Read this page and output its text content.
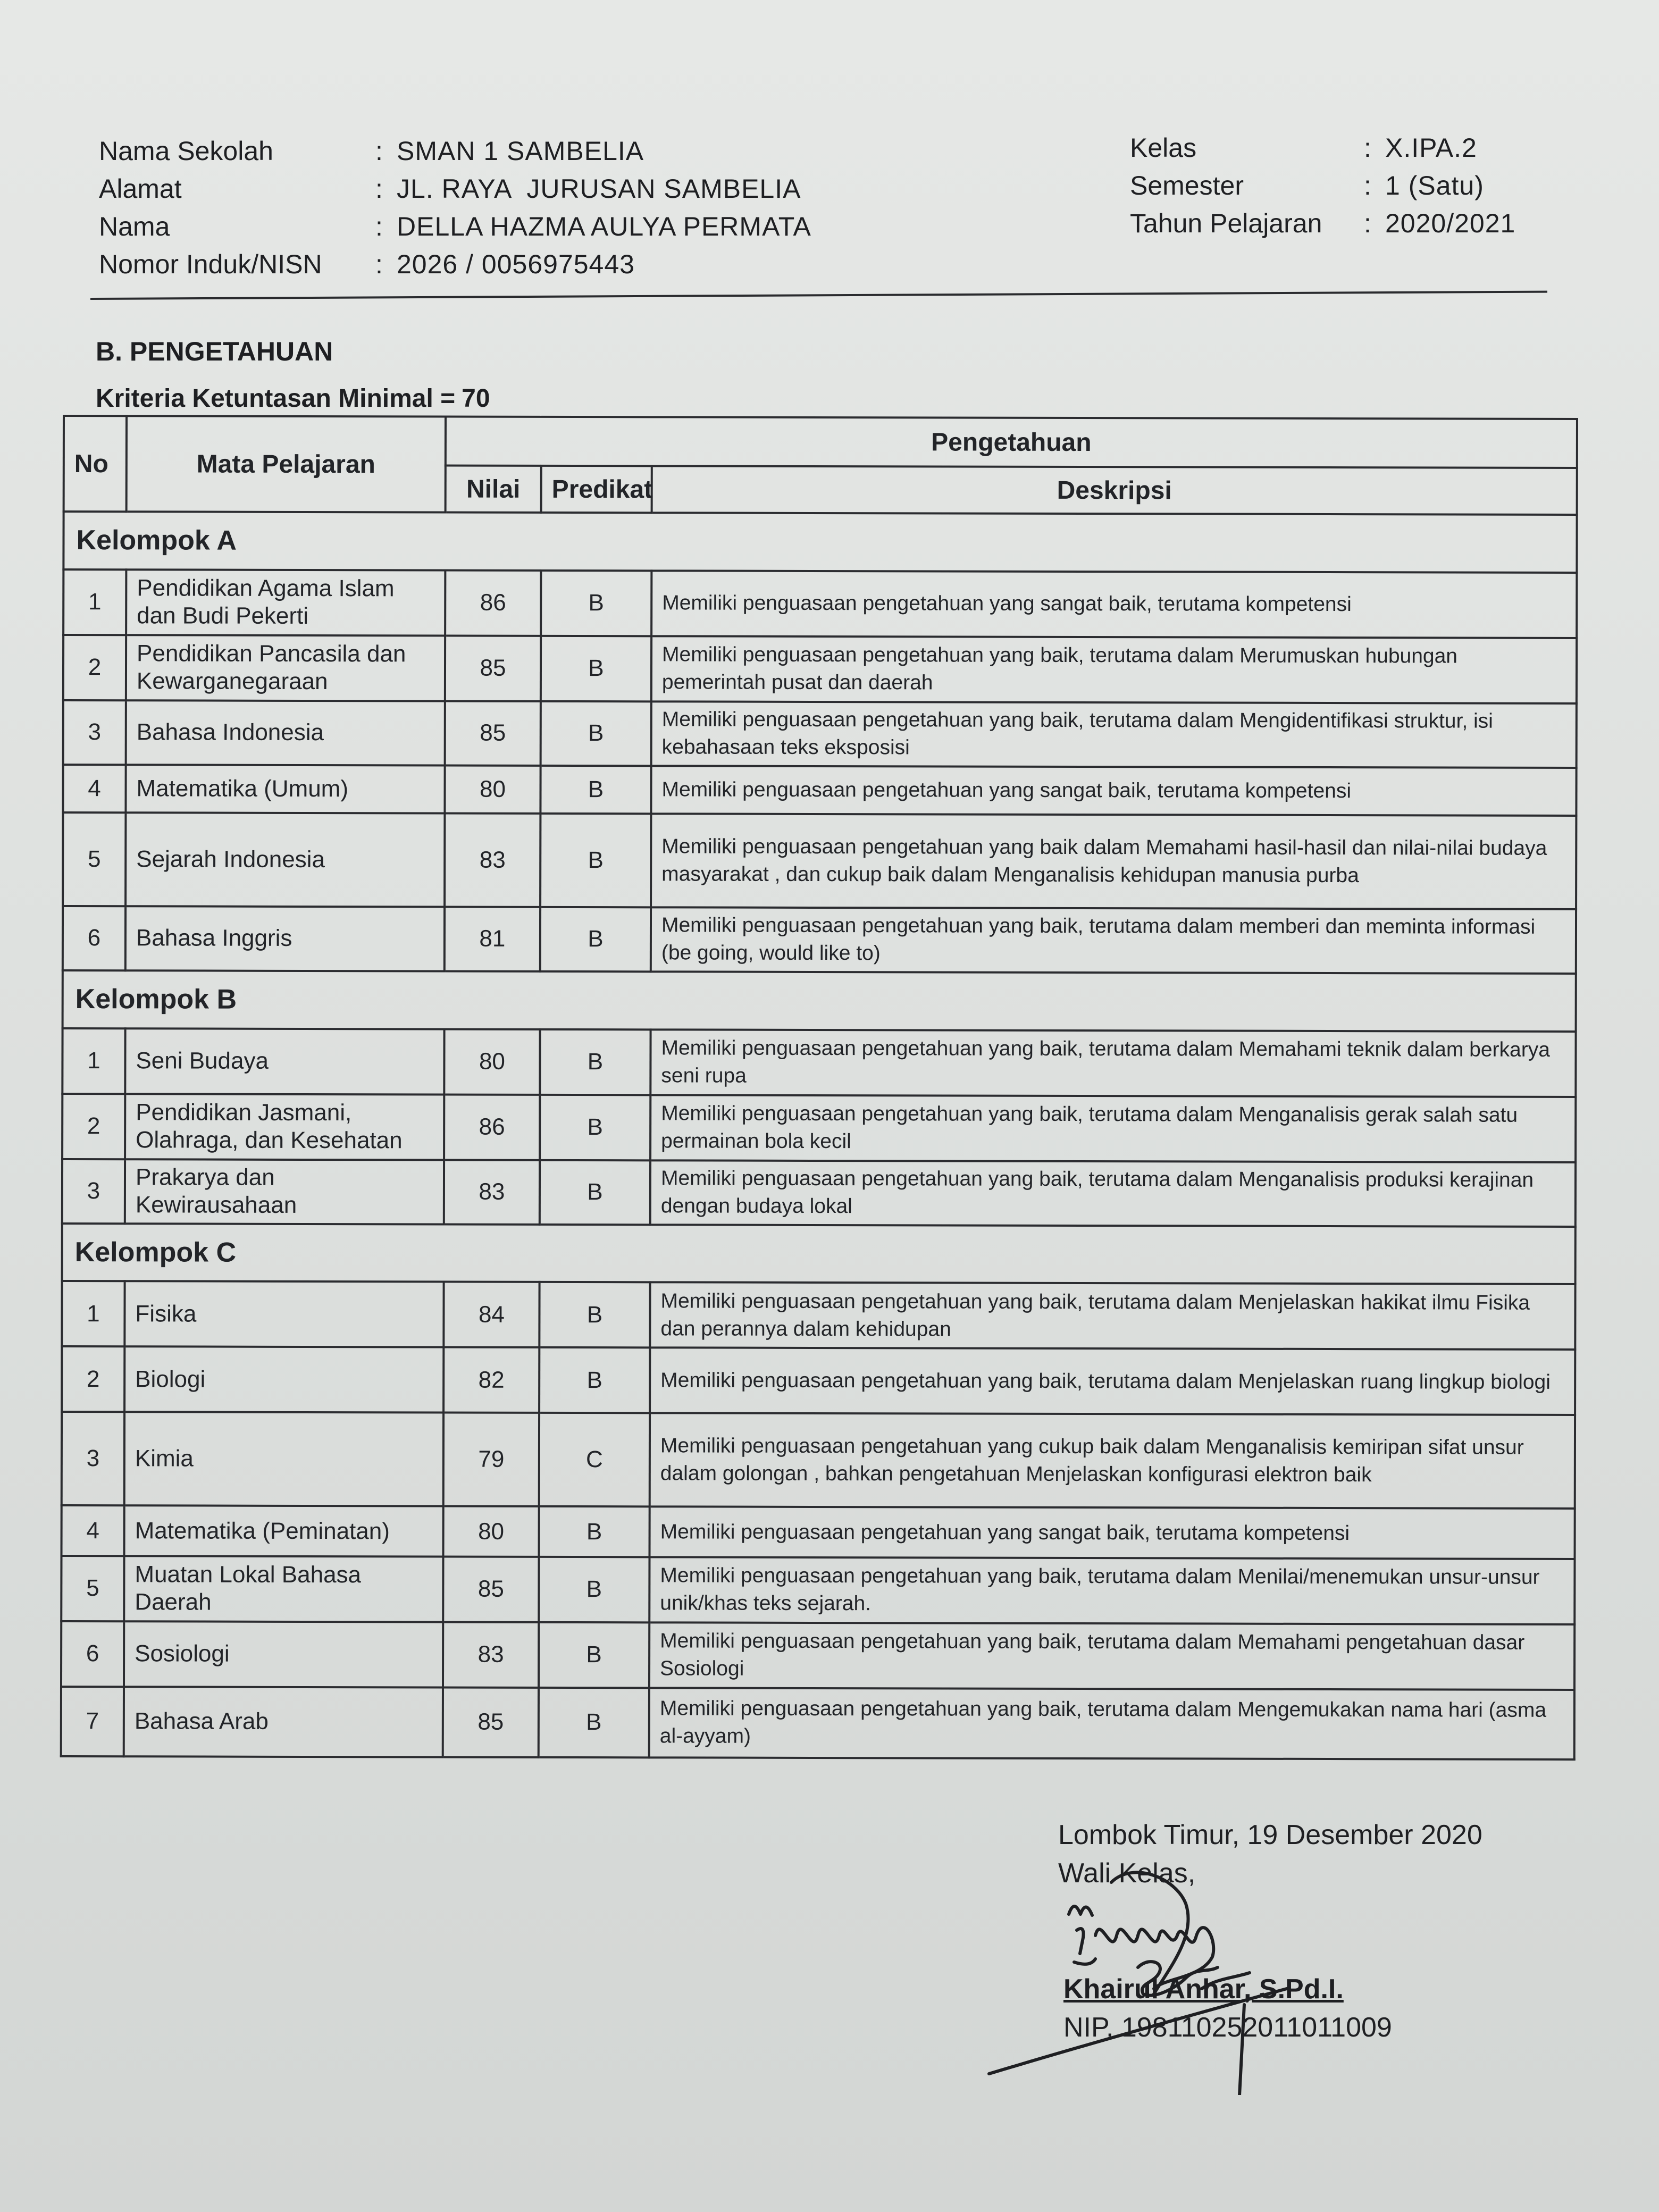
Nama Sekolah	: SMAN 1 SAMBELIA
Alamat	: JL. RAYA  JURUSAN SAMBELIA
Nama	: DELLA HAZMA AULYA PERMATA
Nomor Induk/NISN	: 2026 / 0056975443
Kelas	: X.IPA.2
Semester	: 1 (Satu)
Tahun Pelajaran	: 2020/2021
B. PENGETAHUAN
Kriteria Ketuntasan Minimal = 70
No	Mata Pelajaran	Pengetahuan		
		Nilai	Predikat	Deskripsi
Kelompok A				
1	Pendidikan Agama Islam dan Budi Pekerti	86	B	Memiliki penguasaan pengetahuan yang sangat baik, terutama kompetensi
2	Pendidikan Pancasila dan Kewarganegaraan	85	B	Memiliki penguasaan pengetahuan yang baik, terutama dalam Merumuskan hubungan pemerintah pusat dan daerah
3	Bahasa Indonesia	85	B	Memiliki penguasaan pengetahuan yang baik, terutama dalam Mengidentifikasi struktur, isi kebahasaan teks eksposisi
4	Matematika (Umum)	80	B	Memiliki penguasaan pengetahuan yang sangat baik, terutama kompetensi
5	Sejarah Indonesia	83	B	Memiliki penguasaan pengetahuan yang baik dalam Memahami hasil-hasil dan nilai-nilai budaya masyarakat , dan cukup baik dalam Menganalisis kehidupan manusia purba
6	Bahasa Inggris	81	B	Memiliki penguasaan pengetahuan yang baik, terutama dalam memberi dan meminta informasi (be going, would like to)
Kelompok B				
1	Seni Budaya	80	B	Memiliki penguasaan pengetahuan yang baik, terutama dalam Memahami teknik dalam berkarya seni rupa
2	Pendidikan Jasmani, Olahraga, dan Kesehatan	86	B	Memiliki penguasaan pengetahuan yang baik, terutama dalam Menganalisis gerak salah satu permainan bola kecil
3	Prakarya dan Kewirausahaan	83	B	Memiliki penguasaan pengetahuan yang baik, terutama dalam Menganalisis produksi kerajinan dengan budaya lokal
Kelompok C				
1	Fisika	84	B	Memiliki penguasaan pengetahuan yang baik, terutama dalam Menjelaskan hakikat ilmu Fisika dan perannya dalam kehidupan
2	Biologi	82	B	Memiliki penguasaan pengetahuan yang baik, terutama dalam Menjelaskan ruang lingkup biologi
3	Kimia	79	C	Memiliki penguasaan pengetahuan yang cukup baik dalam Menganalisis kemiripan sifat unsur dalam golongan , bahkan pengetahuan Menjelaskan konfigurasi elektron baik
4	Matematika (Peminatan)	80	B	Memiliki penguasaan pengetahuan yang sangat baik, terutama kompetensi
5	Muatan Lokal Bahasa Daerah	85	B	Memiliki penguasaan pengetahuan yang baik, terutama dalam Menilai/menemukan unsur-unsur unik/khas teks sejarah.
6	Sosiologi	83	B	Memiliki penguasaan pengetahuan yang baik, terutama dalam Memahami pengetahuan dasar Sosiologi
7	Bahasa Arab	85	B	Memiliki penguasaan pengetahuan yang baik, terutama dalam Mengemukakan nama hari (asma al-ayyam)
Lombok Timur, 19 Desember 2020
Wali Kelas,
Khairul Anhar, S.Pd.I.
NIP. 198110252011011009
